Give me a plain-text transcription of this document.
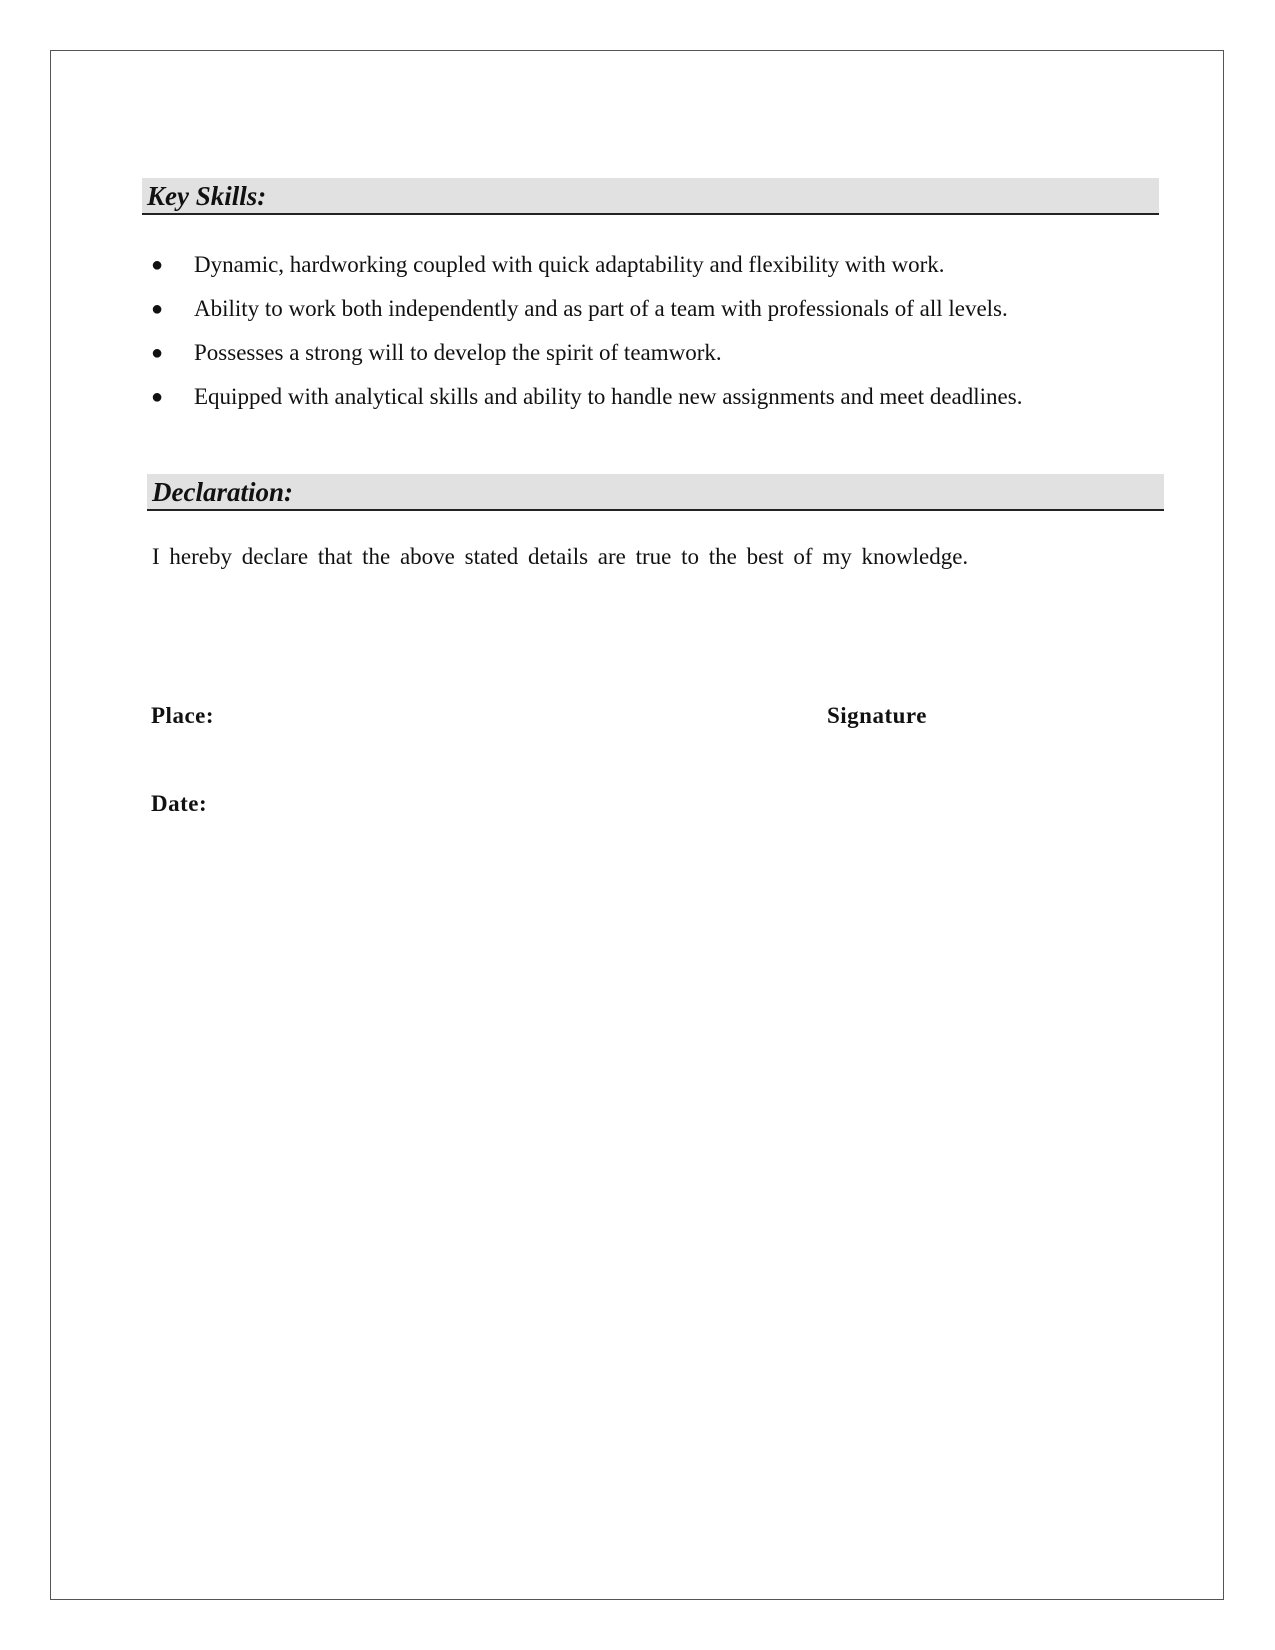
Key Skills:
● Dynamic, hardworking coupled with quick adaptability and flexibility with work.
● Ability to work both independently and as part of a team with professionals of all levels.
● Possesses a strong will to develop the spirit of teamwork.
● Equipped with analytical skills and ability to handle new assignments and meet deadlines.
Declaration:
I hereby declare that the above stated details are true to the best of my knowledge.
Place:	Signature
Date:
